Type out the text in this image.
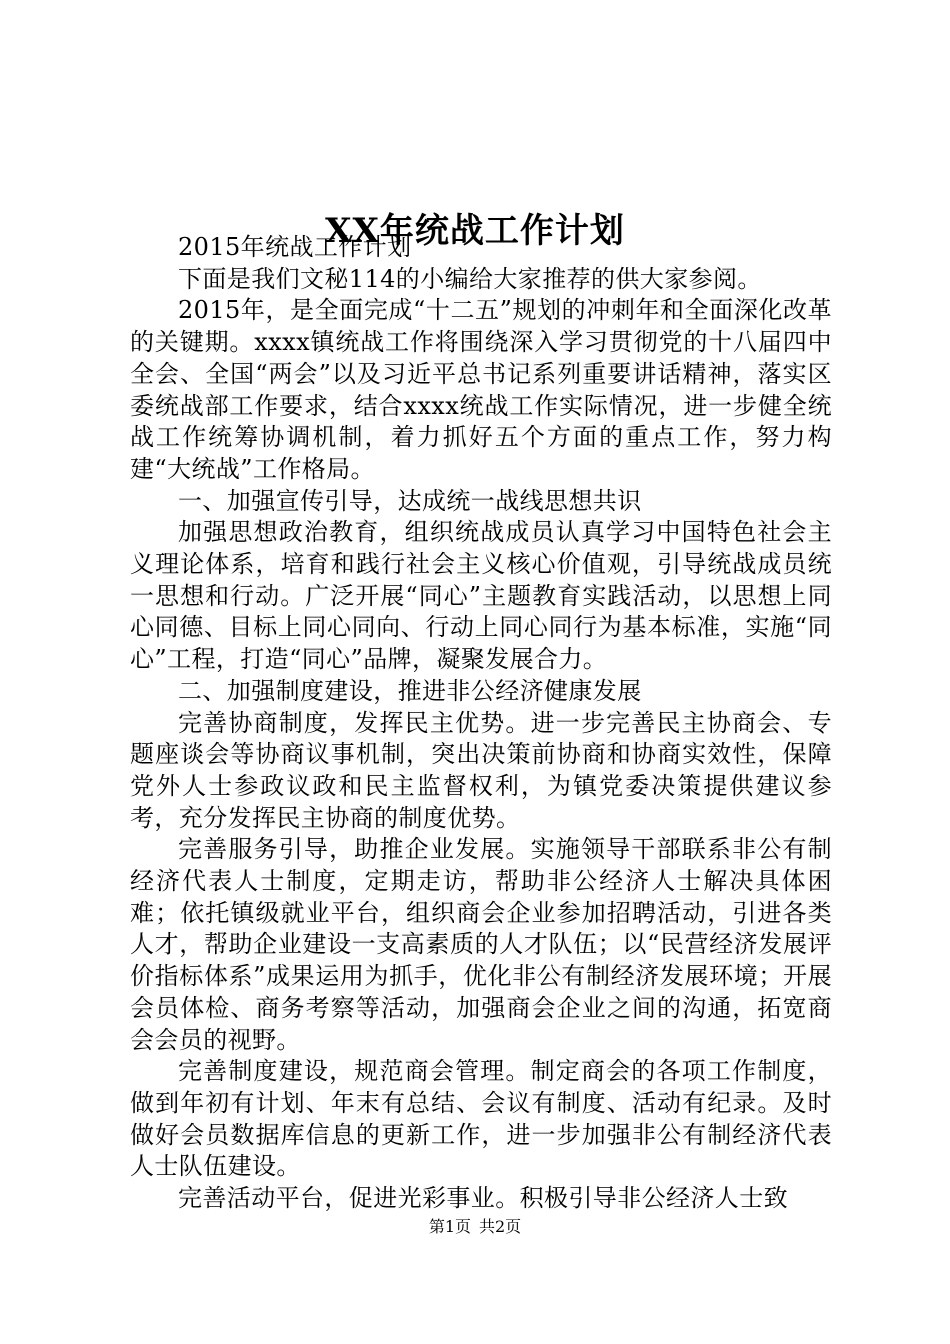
XX年统战工作计划

2015年统战工作计划

下面是我们文秘114的小编给大家推荐的供大家参阅。

2015年，是全面完成“十二五”规划的冲刺年和全面深化改革的关键期。xxxx镇统战工作将围绕深入学习贯彻党的十八届四中全会、全国“两会”以及习近平总书记系列重要讲话精神，落实区委统战部工作要求，结合xxxx统战工作实际情况，进一步健全统战工作统筹协调机制，着力抓好五个方面的重点工作，努力构建“大统战”工作格局。

一、加强宣传引导，达成统一战线思想共识

加强思想政治教育，组织统战成员认真学习中国特色社会主义理论体系，培育和践行社会主义核心价值观，引导统战成员统一思想和行动。广泛开展“同心”主题教育实践活动，以思想上同心同德、目标上同心同向、行动上同心同行为基本标准，实施“同心”工程，打造“同心”品牌，凝聚发展合力。

二、加强制度建设，推进非公经济健康发展

完善协商制度，发挥民主优势。进一步完善民主协商会、专题座谈会等协商议事机制，突出决策前协商和协商实效性，保障党外人士参政议政和民主监督权利，为镇党委决策提供建议参考，充分发挥民主协商的制度优势。

完善服务引导，助推企业发展。实施领导干部联系非公有制经济代表人士制度，定期走访，帮助非公经济人士解决具体困难；依托镇级就业平台，组织商会企业参加招聘活动，引进各类人才，帮助企业建设一支高素质的人才队伍；以“民营经济发展评价指标体系”成果运用为抓手，优化非公有制经济发展环境；开展会员体检、商务考察等活动，加强商会企业之间的沟通，拓宽商会会员的视野。

完善制度建设，规范商会管理。制定商会的各项工作制度，做到年初有计划、年末有总结、会议有制度、活动有纪录。及时做好会员数据库信息的更新工作，进一步加强非公有制经济代表人士队伍建设。

完善活动平台，促进光彩事业。积极引导非公经济人士致

第1页 共2页
